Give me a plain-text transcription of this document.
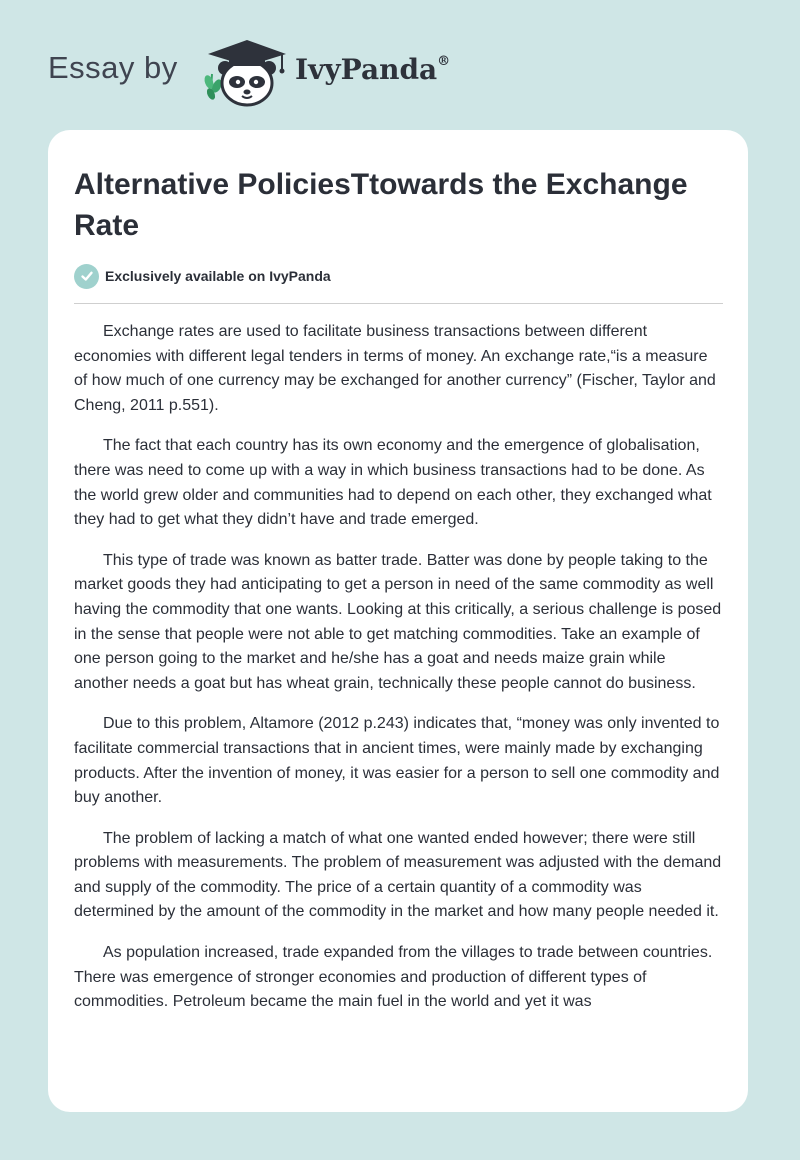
Essay by	IvyPanda®
Alternative PoliciesTtowards the Exchange Rate
Exclusively available on IvyPanda

Exchange rates are used to facilitate business transactions between different economies with different legal tenders in terms of money. An exchange rate,“is a measure of how much of one currency may be exchanged for another currency” (Fischer, Taylor and Cheng, 2011 p.551).

The fact that each country has its own economy and the emergence of globalisation, there was need to come up with a way in which business transactions had to be done. As the world grew older and communities had to depend on each other, they exchanged what they had to get what they didn’t have and trade emerged.

This type of trade was known as batter trade. Batter was done by people taking to the market goods they had anticipating to get a person in need of the same commodity as well having the commodity that one wants. Looking at this critically, a serious challenge is posed in the sense that people were not able to get matching commodities. Take an example of one person going to the market and he/she has a goat and needs maize grain while another needs a goat but has wheat grain, technically these people cannot do business.

Due to this problem, Altamore (2012 p.243) indicates that, “money was only invented to facilitate commercial transactions that in ancient times, were mainly made by exchanging products. After the invention of money, it was easier for a person to sell one commodity and buy another.

The problem of lacking a match of what one wanted ended however; there were still problems with measurements. The problem of measurement was adjusted with the demand and supply of the commodity. The price of a certain quantity of a commodity was determined by the amount of the commodity in the market and how many people needed it.

As population increased, trade expanded from the villages to trade between countries. There was emergence of stronger economies and production of different types of commodities. Petroleum became the main fuel in the world and yet it was
